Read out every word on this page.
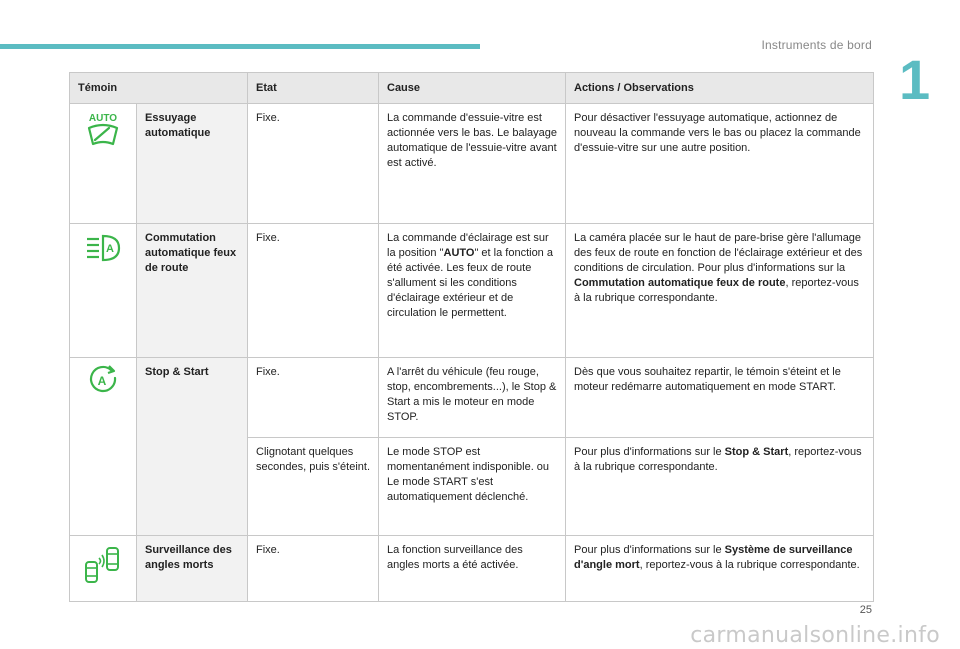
Instruments de bord
1
Témoin		Etat	Cause	Actions / Observations

AUTO	Essuyage automatique	Fixe.	La commande d'essuie-vitre est actionnée vers le bas. Le balayage automatique de l'essuie-vitre avant est activé.	Pour désactiver l'essuyage automatique, actionnez de nouveau la commande vers le bas ou placez la commande d'essuie-vitre sur une autre position.

A	Commutation automatique feux de route	Fixe.	La commande d'éclairage est sur la position "AUTO" et la fonction a été activée. Les feux de route s'allument si les conditions d'éclairage extérieur et de circulation le permettent.	La caméra placée sur le haut de pare-brise gère l'allumage des feux de route en fonction de l'éclairage extérieur et des conditions de circulation. Pour plus d'informations sur la Commutation automatique feux de route, reportez-vous à la rubrique correspondante.

A	Stop & Start	Fixe.	A l'arrêt du véhicule (feu rouge, stop, encombrements...), le Stop & Start a mis le moteur en mode STOP.	Dès que vous souhaitez repartir, le témoin s'éteint et le moteur redémarre automatiquement en mode START.
		Clignotant quelques secondes, puis s'éteint.	Le mode STOP est momentanément indisponible. ou Le mode START s'est automatiquement déclenché.	Pour plus d'informations sur le Stop & Start, reportez-vous à la rubrique correspondante.
	Surveillance des angles morts	Fixe.	La fonction surveillance des angles morts a été activée.	Pour plus d'informations sur le Système de surveillance d'angle mort, reportez-vous à la rubrique correspondante.
25
carmanualsonline.info
